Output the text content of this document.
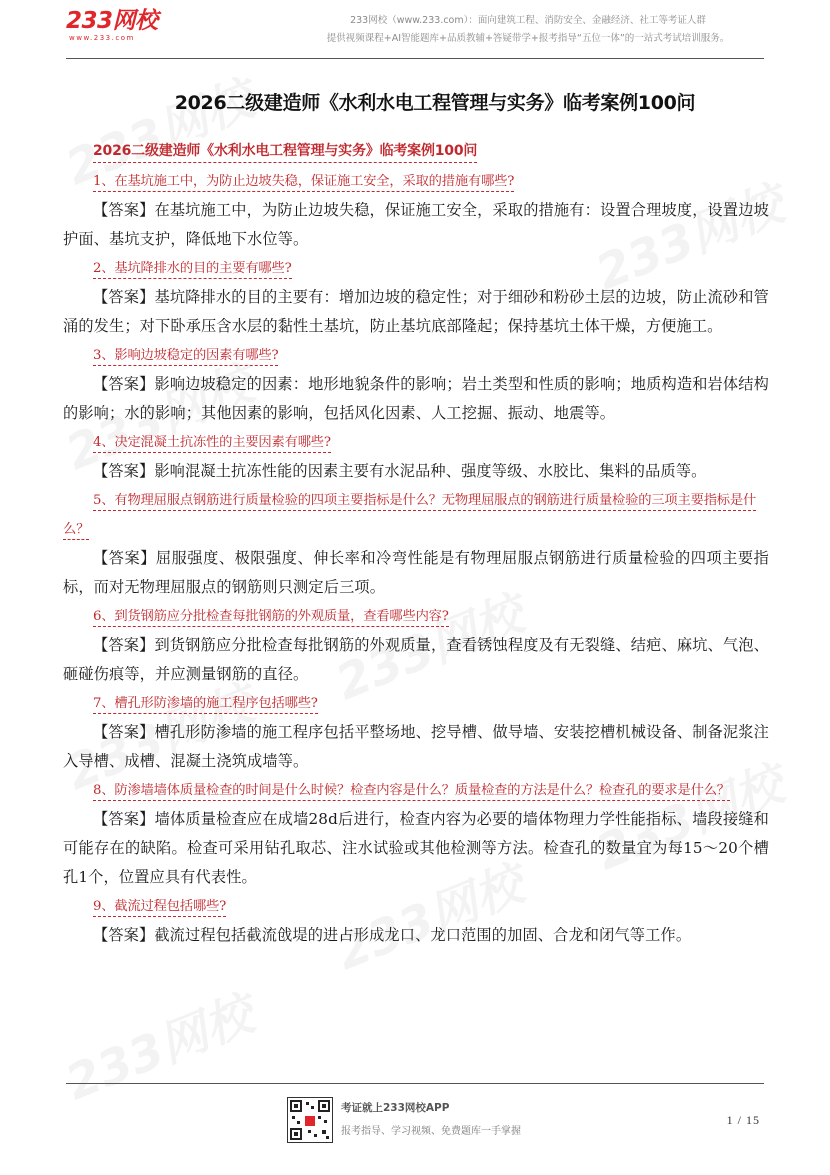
233网校
www.233.com
233网校（www.233.com）：面向建筑工程、消防安全、金融经济、社工等考证人群
提供视频课程+AI智能题库+品质教辅+答疑带学+报考指导“五位一体”的一站式考试培训服务。
2026二级建造师《水利水电工程管理与实务》临考案例100问
2026二级建造师《水利水电工程管理与实务》临考案例100问
1、在基坑施工中，为防止边坡失稳，保证施工安全，采取的措施有哪些?

【答案】在基坑施工中，为防止边坡失稳，保证施工安全，采取的措施有：设置合理坡度，设置边坡护面、基坑支护，降低地下水位等。

2、基坑降排水的目的主要有哪些?

【答案】基坑降排水的目的主要有：增加边坡的稳定性；对于细砂和粉砂土层的边坡，防止流砂和管涌的发生；对下卧承压含水层的黏性土基坑，防止基坑底部隆起；保持基坑土体干燥，方便施工。

3、影响边坡稳定的因素有哪些?

【答案】影响边坡稳定的因素：地形地貌条件的影响；岩土类型和性质的影响；地质构造和岩体结构的影响；水的影响；其他因素的影响，包括风化因素、人工挖掘、振动、地震等。

4、决定混凝土抗冻性的主要因素有哪些?

【答案】影响混凝土抗冻性能的因素主要有水泥品种、强度等级、水胶比、集料的品质等。

5、有物理屈服点钢筋进行质量检验的四项主要指标是什么？无物理屈服点的钢筋进行质量检验的三项主要指标是什么？

【答案】屈服强度、极限强度、伸长率和冷弯性能是有物理屈服点钢筋进行质量检验的四项主要指标，而对无物理屈服点的钢筋则只测定后三项。

6、到货钢筋应分批检查每批钢筋的外观质量，查看哪些内容?

【答案】到货钢筋应分批检查每批钢筋的外观质量，查看锈蚀程度及有无裂缝、结疤、麻坑、气泡、砸碰伤痕等，并应测量钢筋的直径。

7、槽孔形防渗墙的施工程序包括哪些?

【答案】槽孔形防渗墙的施工程序包括平整场地、挖导槽、做导墙、安装挖槽机械设备、制备泥浆注入导槽、成槽、混凝土浇筑成墙等。

8、防渗墙墙体质量检查的时间是什么时候？检查内容是什么？质量检查的方法是什么？检查孔的要求是什么？

【答案】墙体质量检查应在成墙28d后进行，检查内容为必要的墙体物理力学性能指标、墙段接缝和可能存在的缺陷。检查可采用钻孔取芯、注水试验或其他检测等方法。检查孔的数量宜为每15～20个槽孔1个，位置应具有代表性。

9、截流过程包括哪些?

【答案】截流过程包括截流戗堤的进占形成龙口、龙口范围的加固、合龙和闭气等工作。

考证就上233网校APP
报考指导、学习视频、免费题库一手掌握
1 / 15
